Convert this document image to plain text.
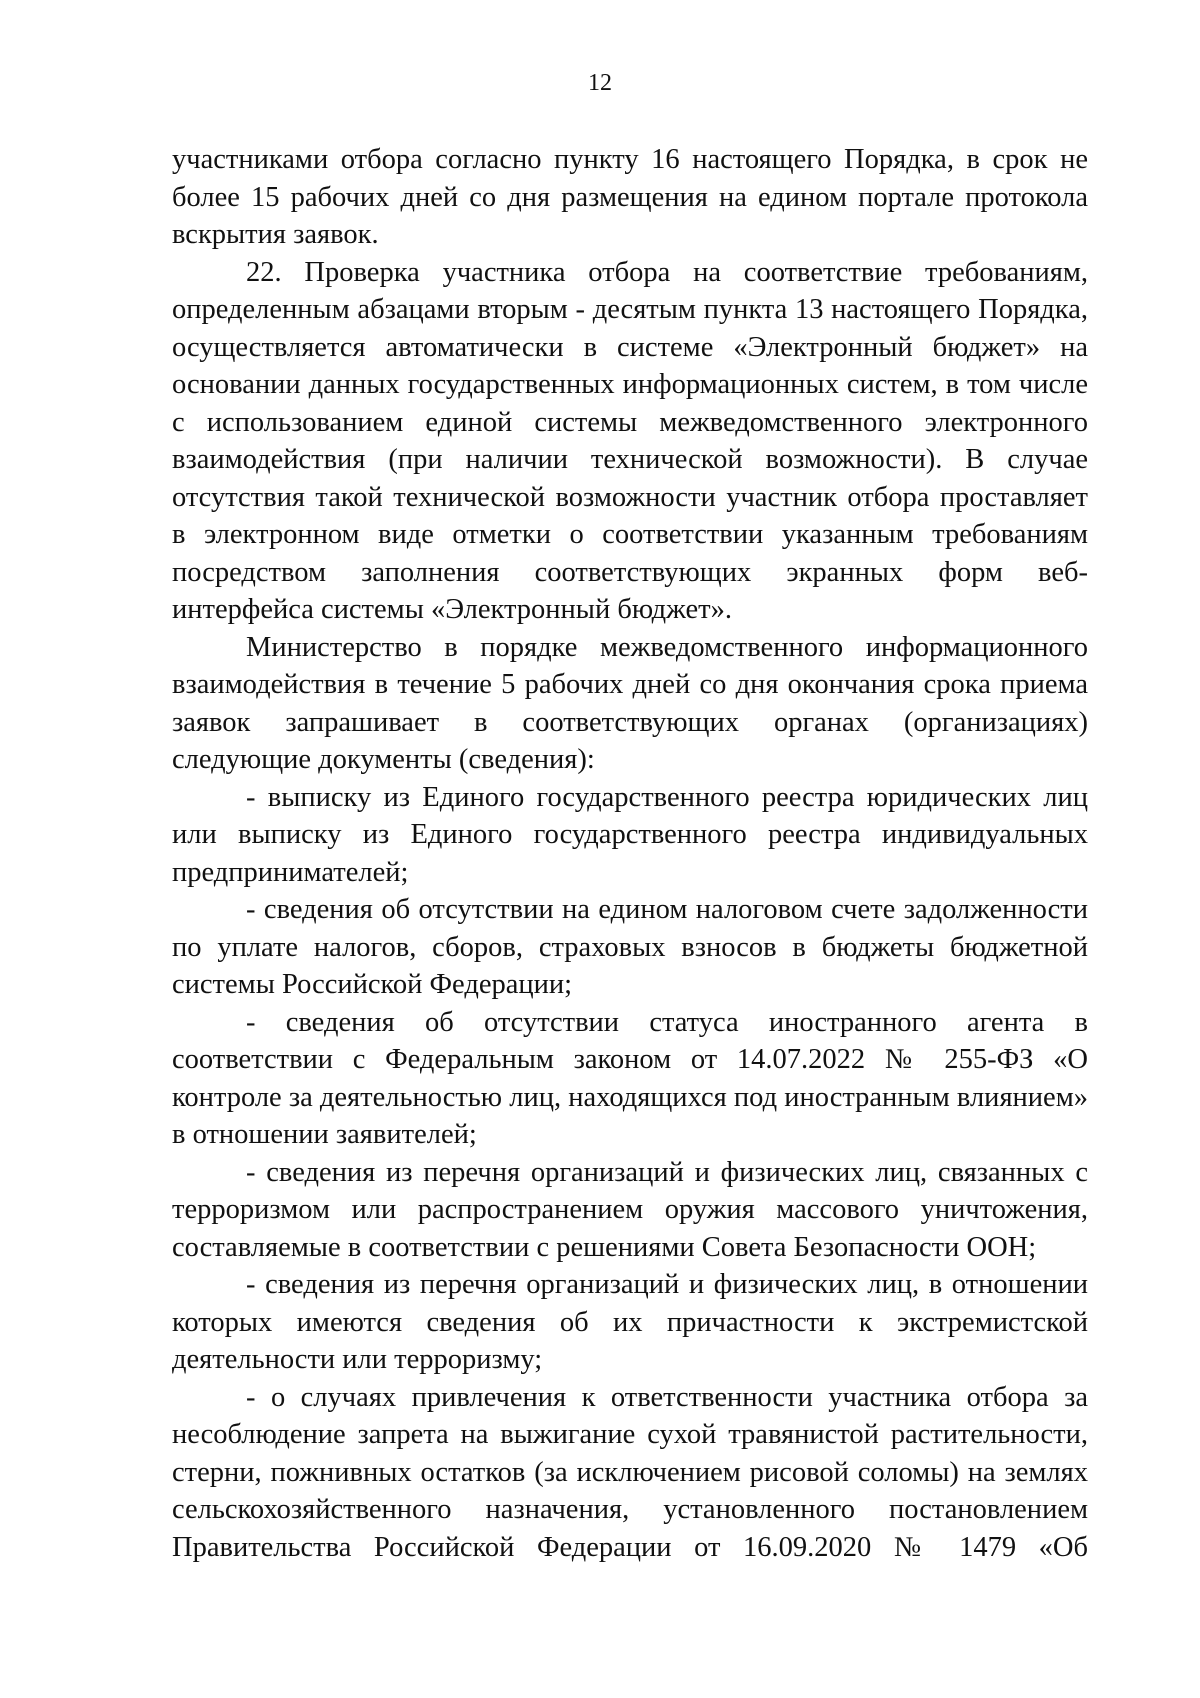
12

участниками отбора согласно пункту 16 настоящего Порядка, в срок не более 15 рабочих дней со дня размещения на едином портале протокола вскрытия заявок.

22. Проверка участника отбора на соответствие требованиям, определенным абзацами вторым - десятым пункта 13 настоящего Порядка, осуществляется автоматически в системе «Электронный бюджет» на основании данных государственных информационных систем, в том числе с использованием единой системы межведомственного электронного взаимодействия (при наличии технической возможности). В случае отсутствия такой технической возможности участник отбора проставляет в электронном виде отметки о соответствии указанным требованиям посредством заполнения соответствующих экранных форм веб-интерфейса системы «Электронный бюджет».

Министерство в порядке межведомственного информационного взаимодействия в течение 5 рабочих дней со дня окончания срока приема заявок запрашивает в соответствующих органах (организациях) следующие документы (сведения):

- выписку из Единого государственного реестра юридических лиц или выписку из Единого государственного реестра индивидуальных предпринимателей;

- сведения об отсутствии на едином налоговом счете задолженности по уплате налогов, сборов, страховых взносов в бюджеты бюджетной системы Российской Федерации;

- сведения об отсутствии статуса иностранного агента в соответствии с Федеральным законом от 14.07.2022 № 255-ФЗ «О контроле за деятельностью лиц, находящихся под иностранным влиянием» в отношении заявителей;

- сведения из перечня организаций и физических лиц, связанных с терроризмом или распространением оружия массового уничтожения, составляемые в соответствии с решениями Совета Безопасности ООН;

- сведения из перечня организаций и физических лиц, в отношении которых имеются сведения об их причастности к экстремистской деятельности или терроризму;

- о случаях привлечения к ответственности участника отбора за несоблюдение запрета на выжигание сухой травянистой растительности, стерни, пожнивных остатков (за исключением рисовой соломы) на землях сельскохозяйственного назначения, установленного постановлением Правительства Российской Федерации от 16.09.2020 № 1479 «Об
